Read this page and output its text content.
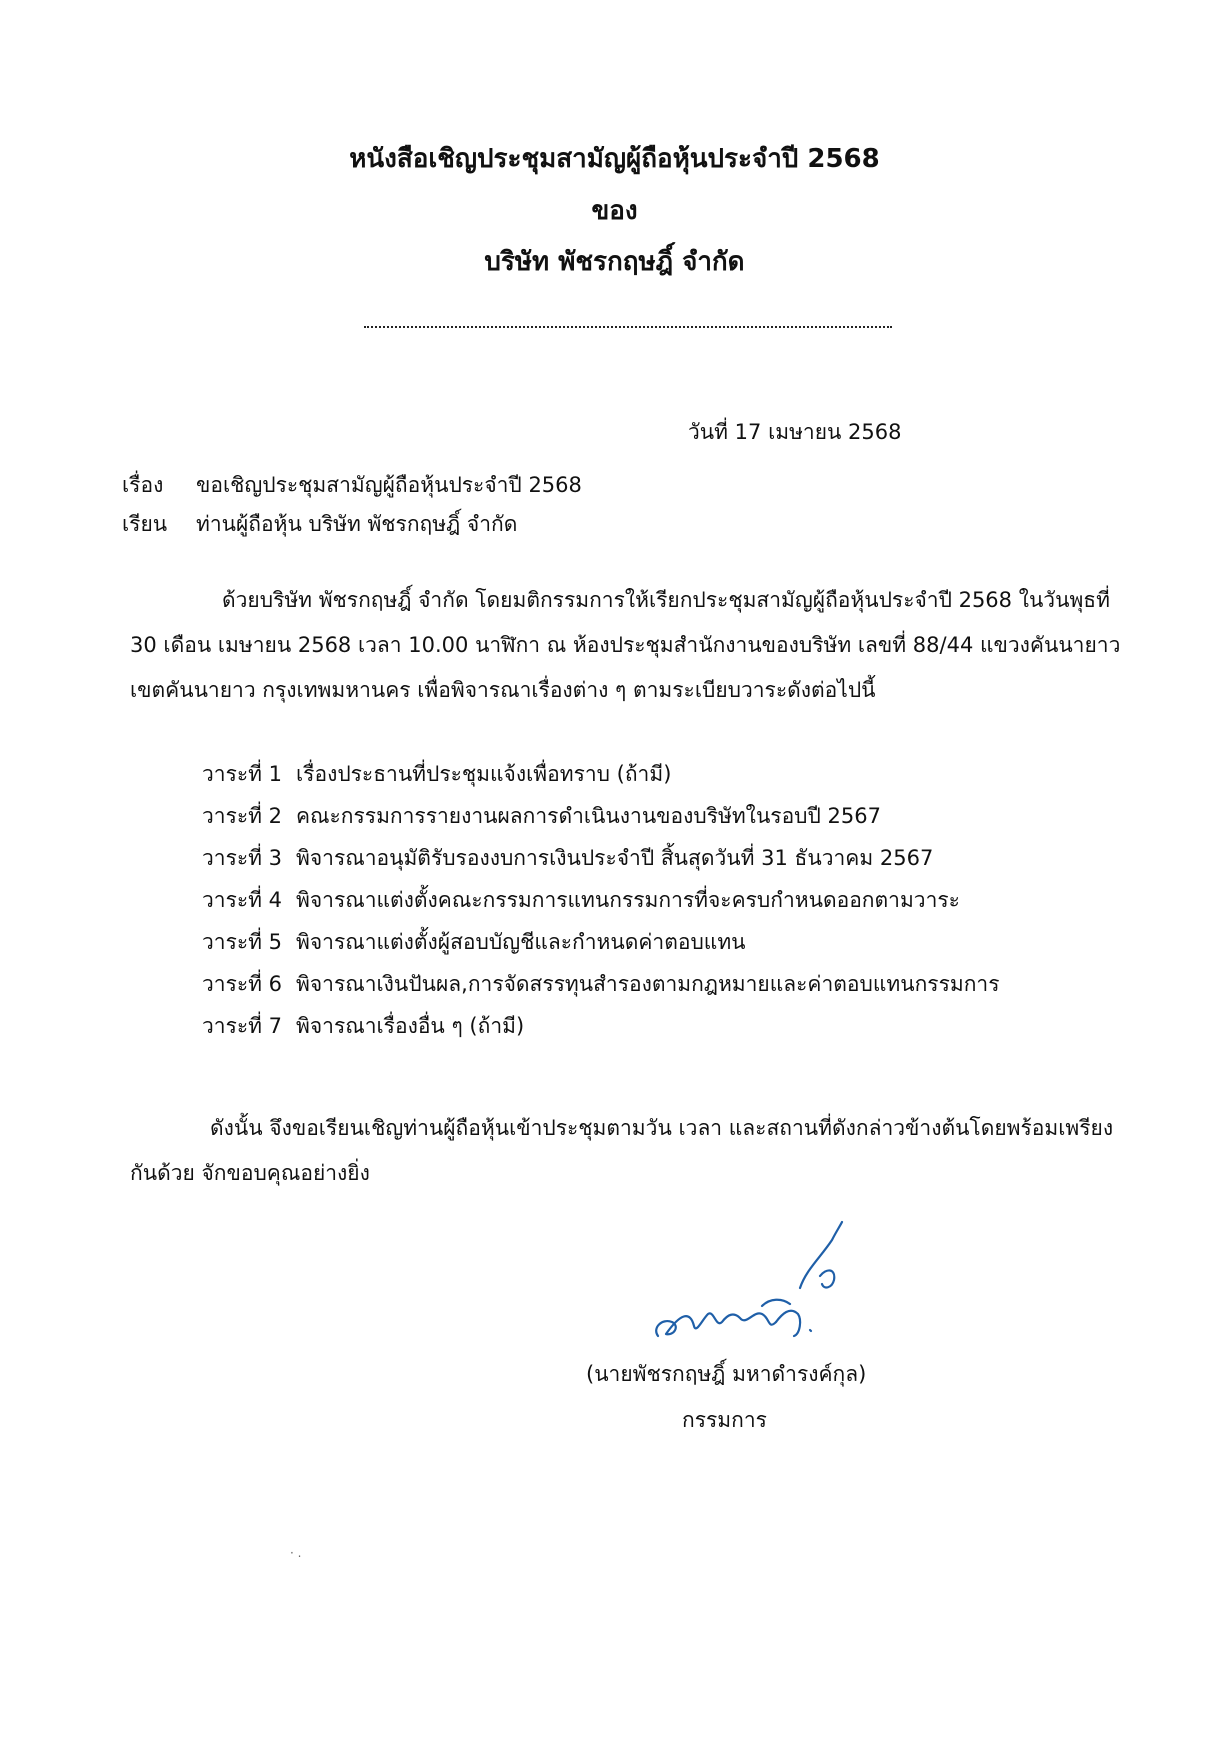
หนังสือเชิญประชุมสามัญผู้ถือหุ้นประจำปี 2568
ของ
บริษัท พัชรกฤษฎิ์ จำกัด
วันที่ 17 เมษายน 2568
เรื่อง ขอเชิญประชุมสามัญผู้ถือหุ้นประจำปี 2568
เรียน ท่านผู้ถือหุ้น บริษัท พัชรกฤษฎิ์ จำกัด
ด้วยบริษัท พัชรกฤษฎิ์ จำกัด โดยมติกรรมการให้เรียกประชุมสามัญผู้ถือหุ้นประจำปี 2568 ในวันพุธที่ 30 เดือน เมษายน 2568 เวลา 10.00 นาฬิกา ณ ห้องประชุมสำนักงานของบริษัท เลขที่ 88/44 แขวงคันนายาว เขตคันนายาว กรุงเทพมหานคร เพื่อพิจารณาเรื่องต่าง ๆ ตามระเบียบวาระดังต่อไปนี้
วาระที่ 1 เรื่องประธานที่ประชุมแจ้งเพื่อทราบ (ถ้ามี)
วาระที่ 2 คณะกรรมการรายงานผลการดำเนินงานของบริษัทในรอบปี 2567
วาระที่ 3 พิจารณาอนุมัติรับรองงบการเงินประจำปี สิ้นสุดวันที่ 31 ธันวาคม 2567
วาระที่ 4 พิจารณาแต่งตั้งคณะกรรมการแทนกรรมการที่จะครบกำหนดออกตามวาระ
วาระที่ 5 พิจารณาแต่งตั้งผู้สอบบัญชีและกำหนดค่าตอบแทน
วาระที่ 6 พิจารณาเงินปันผล,การจัดสรรทุนสำรองตามกฎหมายและค่าตอบแทนกรรมการ
วาระที่ 7 พิจารณาเรื่องอื่น ๆ (ถ้ามี)
ดังนั้น จึงขอเรียนเชิญท่านผู้ถือหุ้นเข้าประชุมตามวัน เวลา และสถานที่ดังกล่าวข้างต้นโดยพร้อมเพรียงกันด้วย จักขอบคุณอย่างยิ่ง
(นายพัชรกฤษฎิ์ มหาดำรงค์กุล)
กรรมการ
· .
